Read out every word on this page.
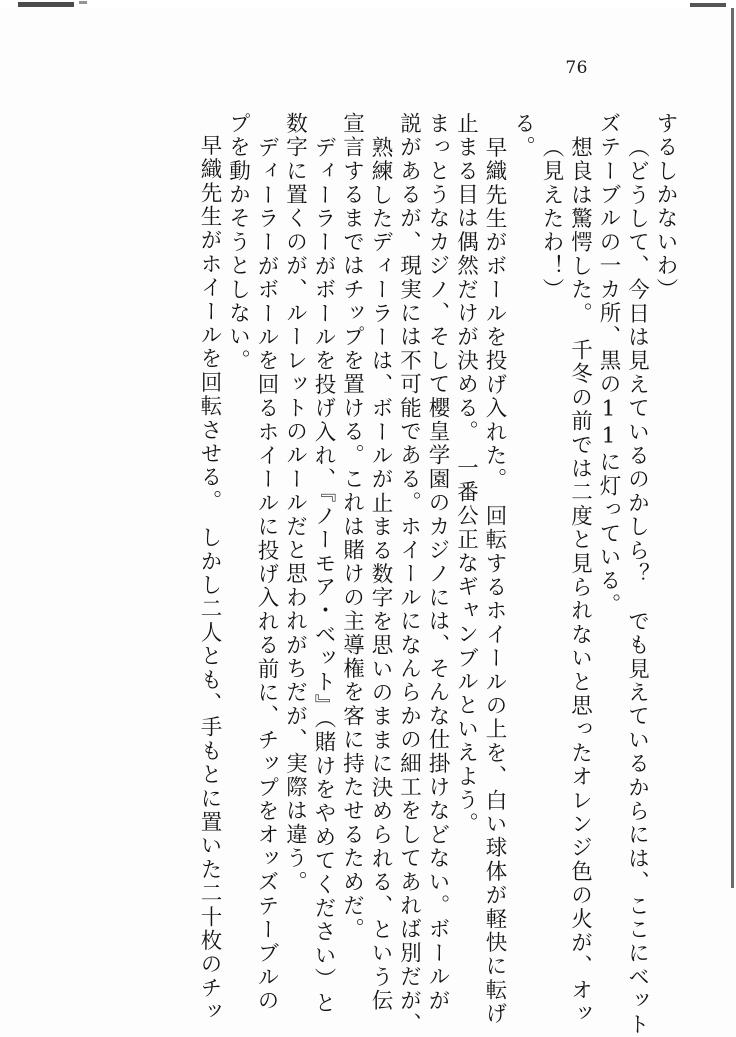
76
早織先生がホイールを回転させる。　しかし二人とも、手もとに置いた二十枚のチッ プを動かそうとしない。 ディーラーがボールを回るホイールに投げ入れる前に、チップをオッズテーブルの 数字に置くのが、ルーレットのルールだと思われがちだが、実際は違う。 ディーラーがボールを投げ入れ、『ノーモア・ベット』（賭けをやめてください）と 宣言するまではチップを置ける。これは賭けの主導権を客に持たせるためだ。 熟練したディーラーは、ボールが止まる数字を思いのままに決められる、という伝 説があるが、現実には不可能である。ホイールになんらかの細工をしてあれば別だが、 まっとうなカジノ、そして櫻皇学園のカジノには、そんな仕掛けなどない。ボールが 止まる目は偶然だけが決める。　一番公正なギャンブルといえよう。 早織先生がボールを投げ入れた。　回転するホイールの上を、白い球体が軽快に転げ
る。
（見えたわ！） 想良は驚愕した。　千冬の前では二度と見られないと思ったオレンジ色の火が、オッ ズテーブルの一カ所、黒の11に灯っている。 （どうして、今日は見えているのかしら？　でも見えているからには、ここにベット するしかないわ）
